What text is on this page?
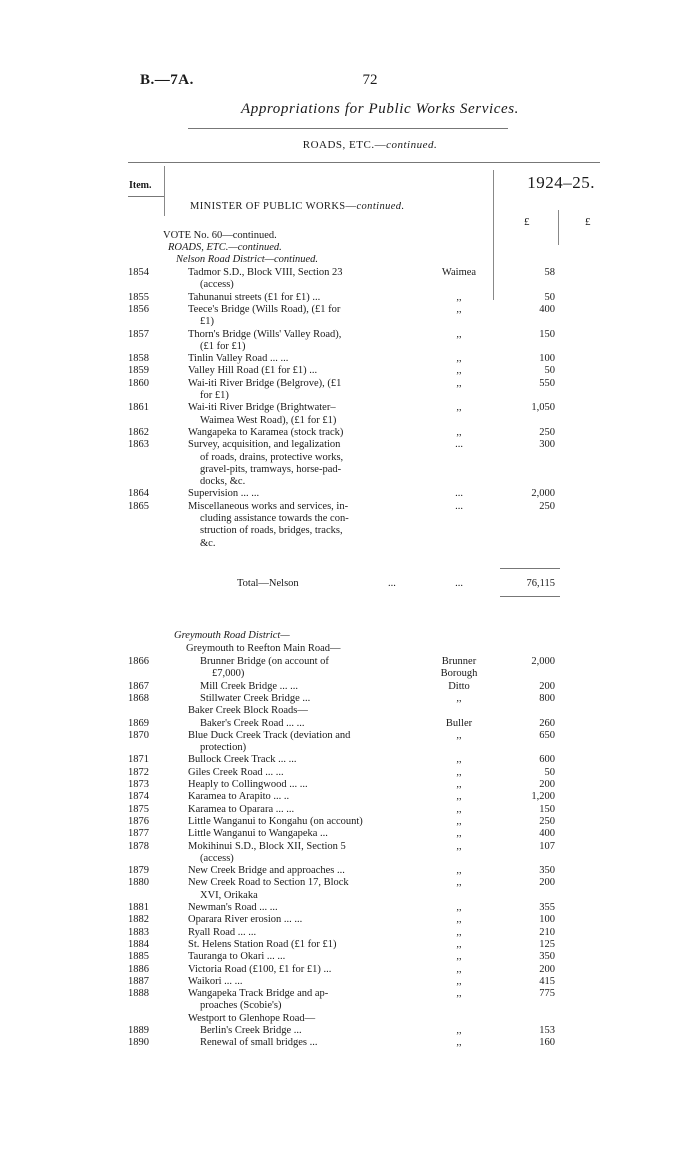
B.—7A.	72
Appropriations for Public Works Services.
ROADS, ETC.—continued.
Item.	1924–25.
£	£
MINISTER OF PUBLIC WORKS—continued.
VOTE No. 60—continued.
ROADS, ETC.—continued.
Nelson Road District—continued.
1854	Tadmor S.D., Block VIII, Section 23	Waimea	58
(access)
1855	Tahunanui streets (£1 for £1) ...	,,	50
1856	Teece's Bridge (Wills Road), (£1 for	,,	400
£1)
1857	Thorn's Bridge (Wills' Valley Road),	,,	150
(£1 for £1)
1858	Tinlin Valley Road ... ...	,,	100
1859	Valley Hill Road (£1 for £1) ...	,,	50
1860	Wai-iti River Bridge (Belgrove), (£1	,,	550
for £1)
1861	Wai-iti River Bridge (Brightwater–	,,	1,050
Waimea West Road), (£1 for £1)
1862	Wangapeka to Karamea (stock track)	,,	250
1863	Survey, acquisition, and legalization	...	300
of roads, drains, protective works,
gravel-pits, tramways, horse-pad-
docks, &c.
1864	Supervision ... ...	...	2,000
1865	Miscellaneous works and services, in-	...	250
cluding assistance towards the con-
struction of roads, bridges, tracks,
&c.
Total—Nelson	...	...	76,115
Greymouth Road District—
Greymouth to Reefton Main Road—
1866	Brunner Bridge (on account of	Brunner	2,000
£7,000)	Borough
1867	Mill Creek Bridge ... ...	Ditto	200
1868	Stillwater Creek Bridge ...	,,	800
Baker Creek Block Roads—
1869	Baker's Creek Road ... ...	Buller	260
1870	Blue Duck Creek Track (deviation and	,,	650
protection)
1871	Bullock Creek Track ... ...	,,	600
1872	Giles Creek Road ... ...	,,	50
1873	Heaply to Collingwood ... ...	,,	200
1874	Karamea to Arapito ... ..	,,	1,200
1875	Karamea to Oparara ... ...	,,	150
1876	Little Wanganui to Kongahu (on account)	,,	250
1877	Little Wanganui to Wangapeka ...	,,	400
1878	Mokihinui S.D., Block XII, Section 5	,,	107
(access)
1879	New Creek Bridge and approaches ...	,,	350
1880	New Creek Road to Section 17, Block	,,	200
XVI, Orikaka
1881	Newman's Road ... ...	,,	355
1882	Oparara River erosion ... ...	,,	100
1883	Ryall Road ... ...	,,	210
1884	St. Helens Station Road (£1 for £1)	,,	125
1885	Tauranga to Okari ... ...	,,	350
1886	Victoria Road (£100, £1 for £1) ...	,,	200
1887	Waikori ... ...	,,	415
1888	Wangapeka Track Bridge and ap-	,,	775
proaches (Scobie's)
Westport to Glenhope Road—
1889	Berlin's Creek Bridge ...	,,	153
1890	Renewal of small bridges ...	,,	160
